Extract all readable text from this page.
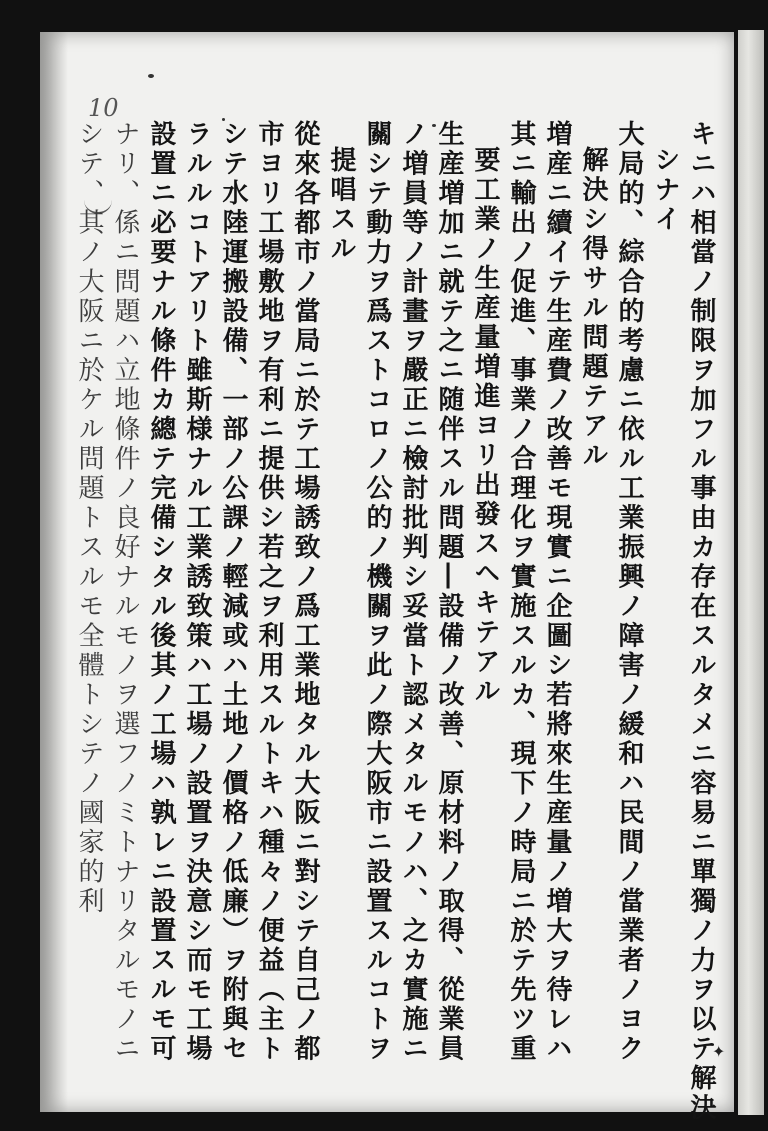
10
キニハ相當ノ制限ヲ加フル事由カ存在スルタメニ容易ニ單獨ノ力ヲ以テ解決
シナイ
大局的、綜合的考慮ニ依ル工業振興ノ障害ノ緩和ハ民間ノ當業者ノヨク
解決シ得サル問題テアル
増産ニ續イテ生産費ノ改善モ現實ニ企圖シ若將來生産量ノ増大ヲ待レハ
其ニ輸出ノ促進、事業ノ合理化ヲ實施スルカ、現下ノ時局ニ於テ先ツ重
要工業ノ生産量増進ヨリ出發スヘキテアル
生産増加ニ就テ之ニ随伴スル問題―設備ノ改善、原材料ノ取得、從業員
ノ増員等ノ計畫ヲ嚴正ニ檢討批判シ妥當ト認メタルモノハ、之カ實施ニ
關シテ動力ヲ爲ストコロノ公的ノ機關ヲ此ノ際大阪市ニ設置スルコトヲ
提唱スル
從來各都市ノ當局ニ於テ工場誘致ノ爲工業地タル大阪ニ對シテ自己ノ都
市ヨリ工場敷地ヲ有利ニ提供シ若之ヲ利用スルトキハ種々ノ便益（主ト
シテ水陸運搬設備、一部ノ公課ノ輕減或ハ土地ノ價格ノ低廉）ヲ附與セ
ラルルコトアリト雖斯様ナル工業誘致策ハ工場ノ設置ヲ決意シ而モ工場
設置ニ必要ナル條件カ總テ完備シタル後其ノ工場ハ孰レニ設置スルモ可
ナリ、係ニ問題ハ立地條件ノ良好ナルモノヲ選フノミトナリタルモノニ
シテ、其ノ大阪ニ於ケル問題トスルモ全體トシテノ國家的利
✦
